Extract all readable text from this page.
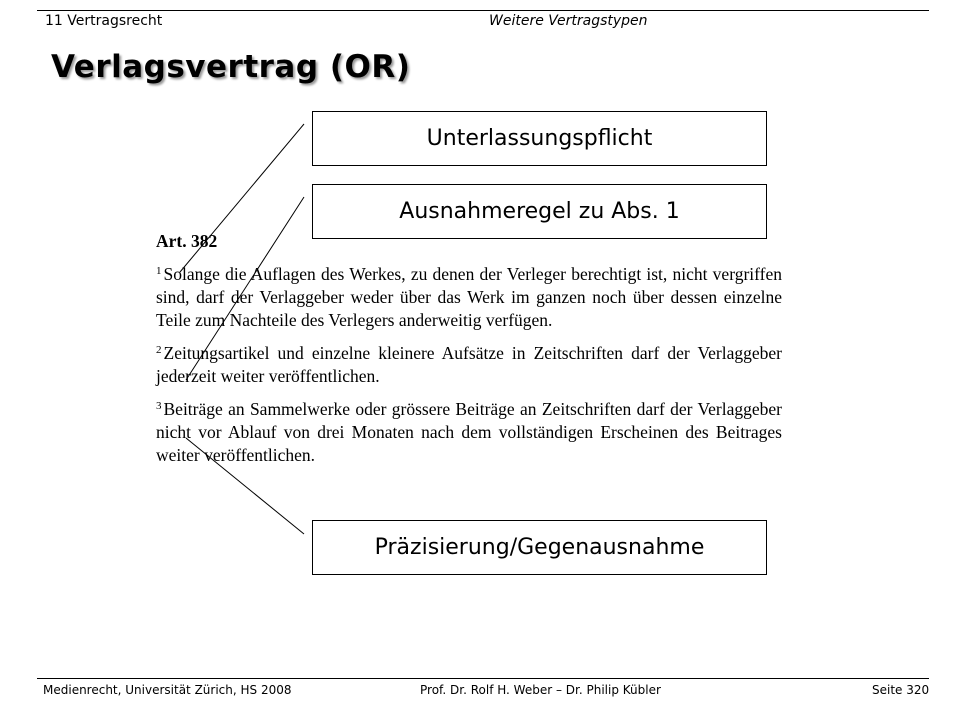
11 Vertragsrecht	Weitere Vertragstypen
Verlagsvertrag (OR)
Unterlassungspflicht
Ausnahmeregel zu Abs. 1
Art. 382

$^1$ Solange die Auflagen des Werkes, zu denen der Verleger berechtigt ist, nicht vergriffen sind, darf der Verlaggeber weder über das Werk im ganzen noch über dessen einzelne Teile zum Nachteile des Verlegers anderweitig verfügen.

$^2$ Zeitungsartikel und einzelne kleinere Aufsätze in Zeitschriften darf der Verlaggeber jederzeit weiter veröffentlichen.

$^3$ Beiträge an Sammelwerke oder grössere Beiträge an Zeitschriften darf der Verlaggeber nicht vor Ablauf von drei Monaten nach dem vollständigen Erscheinen des Beitrages weiter veröffentlichen.

Präzisierung/Gegenausnahme
Medienrecht, Universität Zürich, HS 2008	Prof. Dr. Rolf H. Weber – Dr. Philip Kübler	Seite 320
